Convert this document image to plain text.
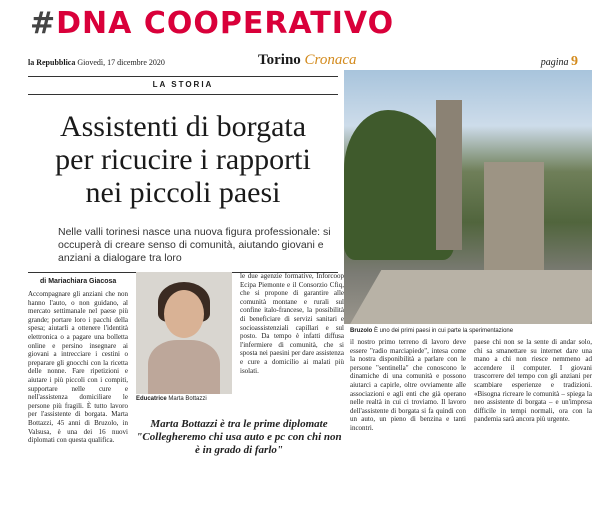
#DNA COOPERATIVO
la Repubblica Giovedì, 17 dicembre 2020	Torino Cronaca	pagina 9
LA STORIA
Assistenti di borgata
per ricucire i rapporti
nei piccoli paesi
Bruzolo È uno dei primi paesi in cui parte la sperimentazione
Nelle valli torinesi nasce una nuova figura professionale: si occuperà di creare senso di comunità, aiutando giovani e anziani a dialogare tra loro
di Mariachiara Giacosa
Accompagnare gli anziani che non hanno l'auto, o non guidano, al mercato settimanale nel paese più grande; portare loro i pacchi della spesa; aiutarli a ottenere l'identità elettronica o a pagare una bolletta online e persino insegnare ai giovani a intrecciare i cestini o preparare gli gnocchi con la ricetta delle nonne. Fare ripetizioni e aiutare i più piccoli con i compiti, supportare nelle cure e nell'assistenza domiciliare le persone più fragili. È tutto lavoro per l'assistente di borgata. Marta Bottazzi, 45 anni di Bruzolo, in Valsusa, è una dei 16 nuovi diplomati con questa qualifica.
Educatrice Marta Bottazzi
Marta Bottazzi è tra le prime diplomate "Collegheremo chi usa auto e pc con chi non è in grado di farlo"
le due agenzie formative, Inforcoop Ecipa Piemonte e il Consorzio Cfiq, che si propone di garantire alle comunità montane e rurali sul confine italo-francese, la possibilità di beneficiare di servizi sanitari e socioassistenziali capillari e sul posto. Da tempo è infatti diffusa l'infermiere di comunità, che si sposta nei paesini per dare assistenza e cure a domicilio ai malati più isolati.
il nostro primo terreno di lavoro deve essere "radio marciapiede", intesa come la nostra disponibilità a parlare con le persone "sentinella" che conoscono le dinamiche di una comunità e possono aiutarci a capirle, oltre ovviamente alle associazioni e agli enti che già operano nelle realtà in cui ci troviamo. Il lavoro dell'assistente di borgata si fa quindi con un auto, un pieno di benzina e tanti incontri.
paese chi non se la sente di andar solo, chi sa smanettare su internet dare una mano a chi non riesce nemmeno ad accendere il computer. I giovani trascorrere del tempo con gli anziani per scambiare esperienze e tradizioni. «Bisogna ricreare le comunità – spiega la neo assistente di borgata – e un'impresa difficile in tempi normali, ora con la pandemia sarà ancora più urgente.
